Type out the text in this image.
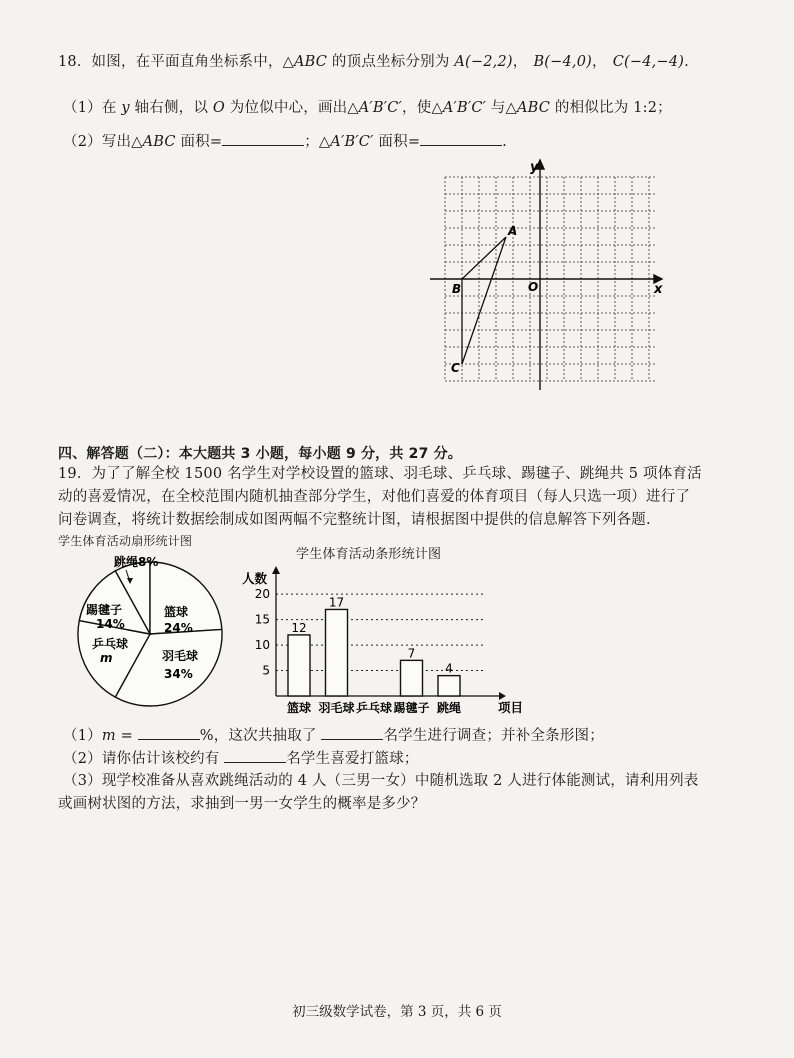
18．如图，在平面直角坐标系中，△ABC 的顶点坐标分别为 A(−2,2)， B(−4,0)， C(−4,−4).
（1）在 y 轴右侧，以 O 为位似中心，画出△A′B′C′，使△A′B′C′ 与△ABC 的相似比为 1:2；
（2）写出△ABC 面积=	；△A′B′C′ 面积=	.
y
x
A
B
C
O
四、解答题（二）：本大题共 3 小题，每小题 9 分，共 27 分。
19．为了了解全校 1500 名学生对学校设置的篮球、羽毛球、乒乓球、踢毽子、跳绳共 5 项体育活
动的喜爱情况，在全校范围内随机抽查部分学生，对他们喜爱的体育项目（每人只选一项）进行了
问卷调查，将统计数据绘制成如图两幅不完整统计图，请根据图中提供的信息解答下列各题.
学生体育活动扇形统计图
学生体育活动条形统计图
跳绳8%
篮球
24%
羽毛球
34%
乒乓球
m
踢毽子
14%
5
10
15
20
人数
项目
12
篮球
17
羽毛球 乒乓球
7
踢毽子
4
跳绳
（1）m =	%，这次共抽取了	名学生进行调查；并补全条形图；
（2）请你估计该校约有	名学生喜爱打篮球；
（3）现学校准备从喜欢跳绳活动的 4 人（三男一女）中随机选取 2 人进行体能测试，请利用列表
或画树状图的方法，求抽到一男一女学生的概率是多少？
初三级数学试卷，第 3 页，共 6 页
